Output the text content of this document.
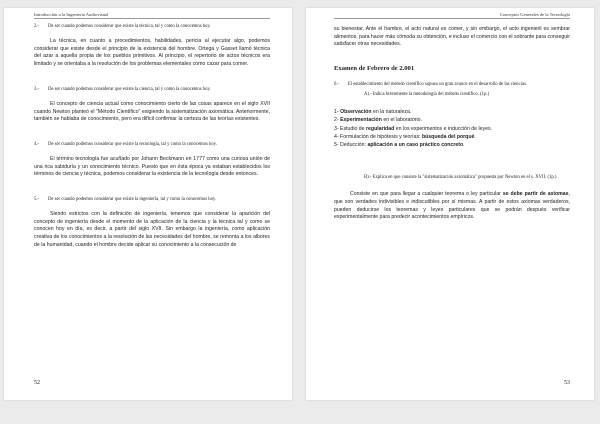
Introducción a la Ingeniería Audiovisual
2.-	De ser cuando podemos considerar que existe la técnica, tal y como la conocemos hoy.

La técnica, en cuanto a procedimientos, habilidades, pericia al ejecutar algo, podemos considerar que existe desde el principio de la existencia del hombre. Ortega y Gasset llamó técnica del azar a aquella propia de los pueblos primitivos. Al principio, el repertorio de actos técnicos era limitado y se orientaba a la resolución de los problemas elementales como cazar para comer.

3.-	De ser cuando podemos considerar que existe la ciencia, tal y como la conocemos hoy.

El concepto de ciencia actual como conocimiento cierto de las cosas aparece en el siglo XVII cuando Newton planteó el "Método Científico" exigiendo la sistematización axiomática. Anteriormente, también se hablaba de conocimiento, pero era difícil confirmar la certeza de las teorías existentes.

4.-	De ser cuando podemos considerar que existe la tecnología, tal y como la conocemos hoy.

El término tecnología fue acuñado por Johann Beckmann en 1777 como una curiosa unión de una rica sabiduría y un conocimiento técnico. Puesto que en ésta época ya estaban establecidos los términos de ciencia y técnica, podemos considerar la existencia de la tecnología desde entonces.

5.-	De ser cuando podemos considerar que existe la ingeniería, tal y como la conocemos hoy.

Siendo estrictos con la definición de ingeniería, tenemos que considerar la aparición del concepto de ingeniería desde el momento de la aplicación de la ciencia y la técnica tal y como se conocen hoy en día, es decir, a partir del siglo XVII. Sin embargo la ingeniería, como aplicación creativa de los conocimientos a la resolución de las necesidades del hombre, se remonta a los albores de la humanidad, cuando el hombre decide aplicar su conocimiento a la consecución de

52
Conceptos Generales de la Tecnología

su bienestar. Ante el hambre, el acto natural es comer, y sin embargo, el acto ingenieril es sembrar alimentos, para hacer más cómoda su obtención, e incluso el comercio con el sobrante para conseguir satisfacer otras necesidades.

Examen de Febrero de 2.001

6.-	El establecimiento del método científico supuso un gran avance en el desarrollo de las ciencias.
A).- Indica brevemente la metodología del método científico. (1p.)
1- Observación en la naturaleza.
2- Experimentación en el laboratorio.
3- Estudio de regularidad en los experimentos e inducción de leyes.
4- Formulación de hipótesis y teorías: búsqueda del porqué.
5- Deducción: aplicación a un caso práctico concreto.
B).- Explica en que consiste la "sistematización axiomática" propuesta por Newton en el s. XVII. (1p.)

Consiste en que para llegar a cualquier teorema o ley particular se debe partir de axiomas, que son verdades indivisibles e indiscutibles por sí mismas. A partir de estos axiomas verdaderos, pueden deducirse los teoremas y leyes particulares que se podrán después verificar experimentalmente para predecir acontecimientos empíricos.

53
